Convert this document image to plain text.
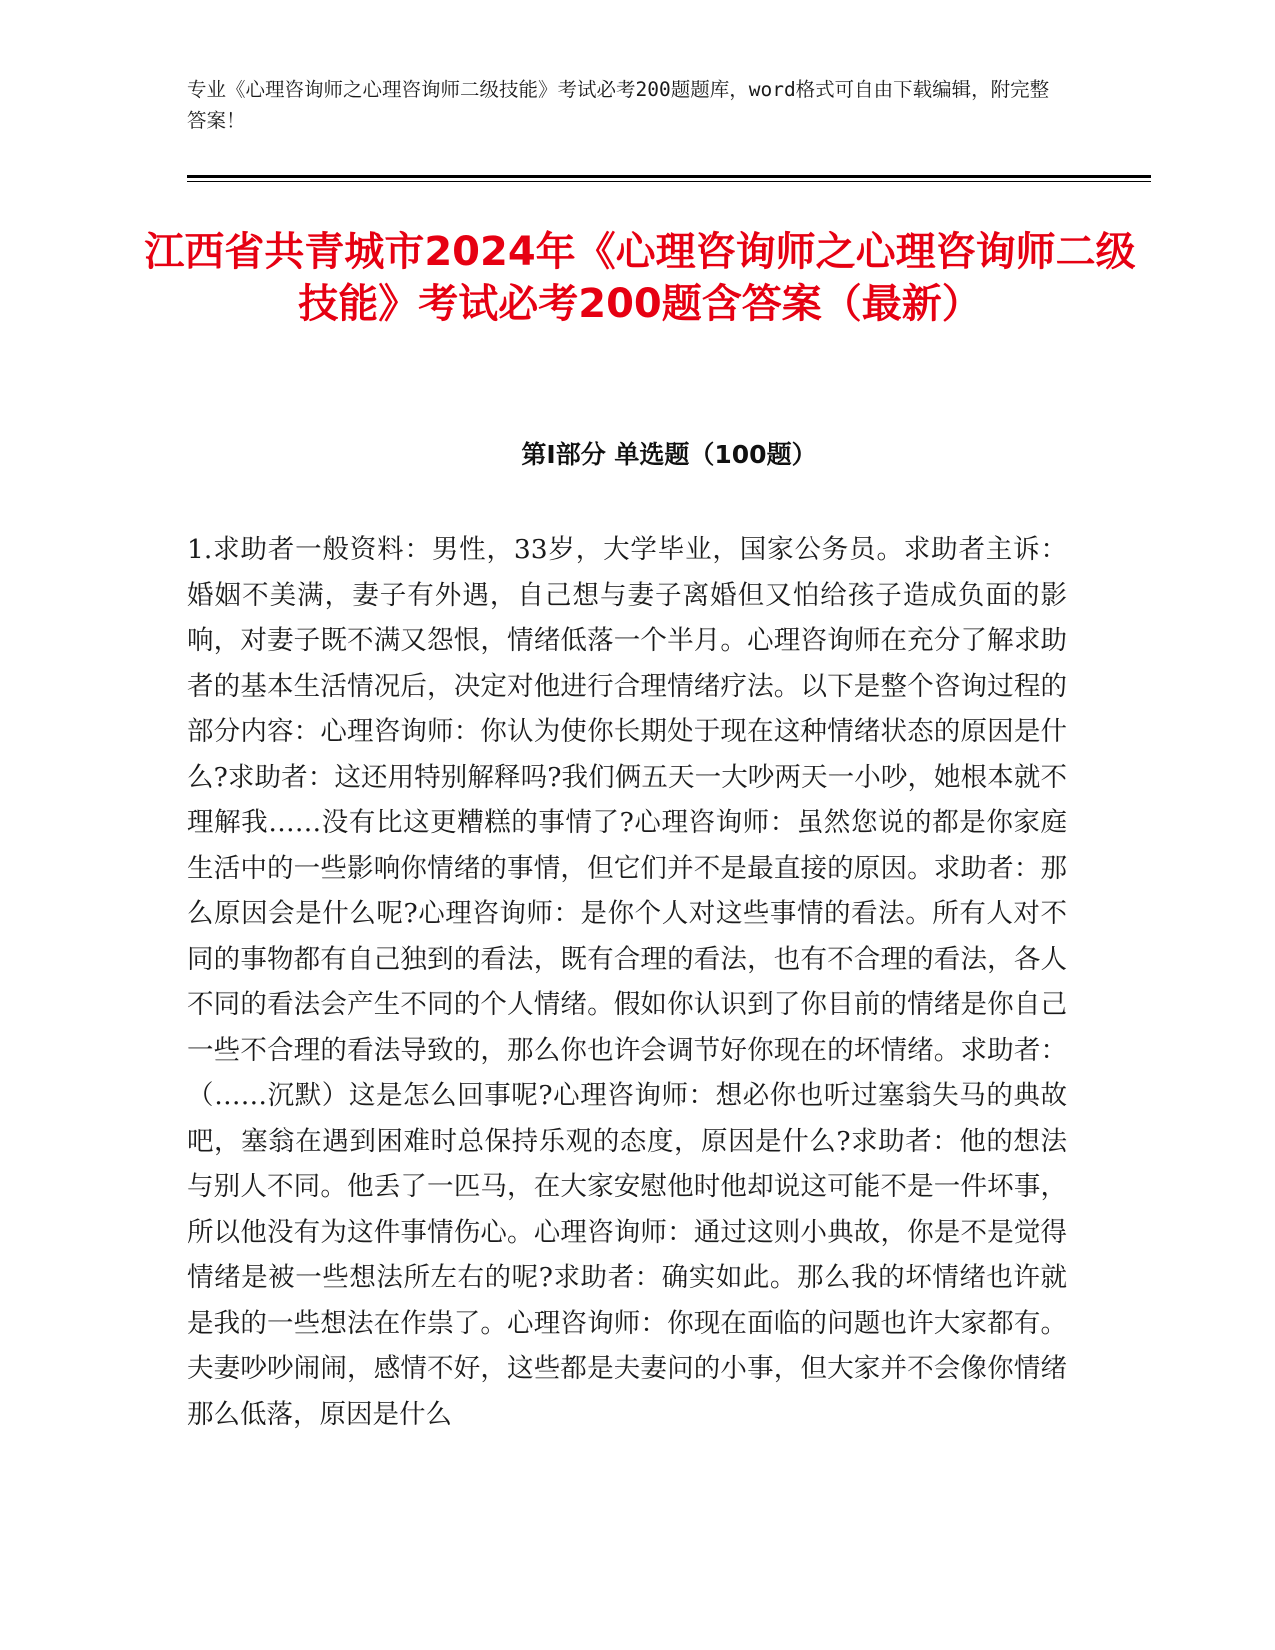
专业《心理咨询师之心理咨询师二级技能》考试必考200题题库，word格式可自由下载编辑，附完整答案！
江西省共青城市2024年《心理咨询师之心理咨询师二级技能》考试必考200题含答案（最新）
第Ⅰ部分 单选题（100题）
1.求助者一般资料：男性，33岁，大学毕业，国家公务员。求助者主诉：婚姻不美满，妻子有外遇，自己想与妻子离婚但又怕给孩子造成负面的影响，对妻子既不满又怨恨，情绪低落一个半月。心理咨询师在充分了解求助者的基本生活情况后，决定对他进行合理情绪疗法。以下是整个咨询过程的部分内容：心理咨询师：你认为使你长期处于现在这种情绪状态的原因是什么?求助者：这还用特别解释吗?我们俩五天一大吵两天一小吵，她根本就不理解我……没有比这更糟糕的事情了?心理咨询师：虽然您说的都是你家庭生活中的一些影响你情绪的事情，但它们并不是最直接的原因。求助者：那么原因会是什么呢?心理咨询师：是你个人对这些事情的看法。所有人对不同的事物都有自己独到的看法，既有合理的看法，也有不合理的看法，各人不同的看法会产生不同的个人情绪。假如你认识到了你目前的情绪是你自己一些不合理的看法导致的，那么你也许会调节好你现在的坏情绪。求助者：（……沉默）这是怎么回事呢?心理咨询师：想必你也听过塞翁失马的典故吧，塞翁在遇到困难时总保持乐观的态度，原因是什么?求助者：他的想法与别人不同。他丢了一匹马，在大家安慰他时他却说这可能不是一件坏事，所以他没有为这件事情伤心。心理咨询师：通过这则小典故，你是不是觉得情绪是被一些想法所左右的呢?求助者：确实如此。那么我的坏情绪也许就是我的一些想法在作祟了。心理咨询师：你现在面临的问题也许大家都有。夫妻吵吵闹闹，感情不好，这些都是夫妻问的小事，但大家并不会像你情绪那么低落，原因是什么
